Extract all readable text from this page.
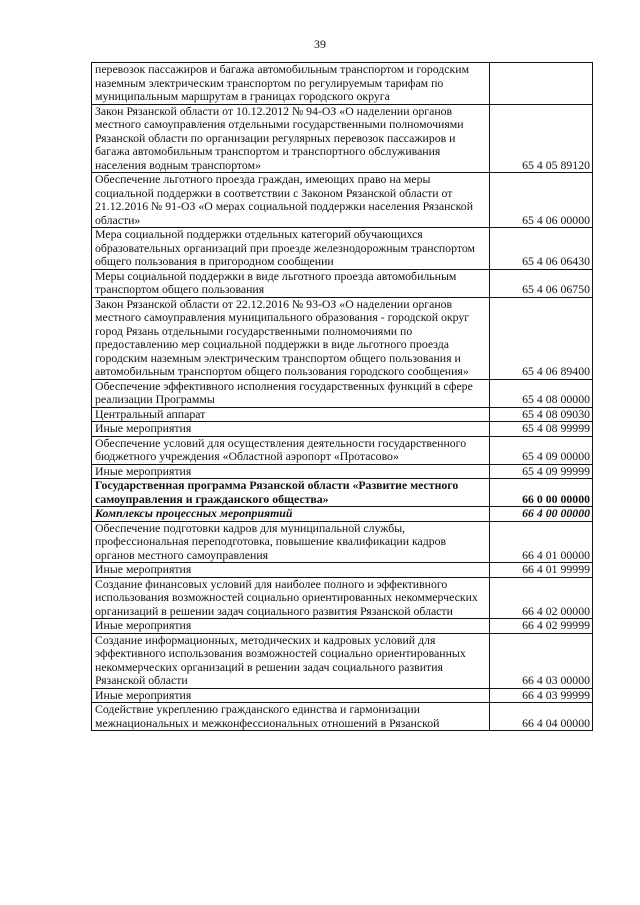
39
перевозок пассажиров и багажа автомобильным транспортом и городским наземным электрическим транспортом по регулируемым тарифам по муниципальным маршрутам в границах городского округа	
Закон Рязанской области от 10.12.2012 № 94-ОЗ «О наделении органов местного самоуправления отдельными государственными полномочиями Рязанской области по организации регулярных перевозок пассажиров и багажа автомобильным транспортом и транспортного обслуживания населения водным транспортом»	65 4 05 89120
Обеспечение льготного проезда граждан, имеющих право на меры социальной поддержки в соответствии с Законом Рязанской области от 21.12.2016 № 91-ОЗ «О мерах социальной поддержки населения Рязанской области»	65 4 06 00000
Мера социальной поддержки отдельных категорий обучающихся образовательных организаций при проезде железнодорожным транспортом общего пользования в пригородном сообщении	65 4 06 06430
Меры социальной поддержки в виде льготного проезда автомобильным транспортом общего пользования	65 4 06 06750
Закон Рязанской области от 22.12.2016 № 93-ОЗ «О наделении органов местного самоуправления муниципального образования - городской округ город Рязань отдельными государственными полномочиями по предоставлению мер социальной поддержки в виде льготного проезда городским наземным электрическим транспортом общего пользования и автомобильным транспортом общего пользования городского сообщения»	65 4 06 89400
Обеспечение эффективного исполнения государственных функций в сфере реализации Программы	65 4 08 00000
Центральный аппарат	65 4 08 09030
Иные мероприятия	65 4 08 99999
Обеспечение условий для осуществления деятельности государственного бюджетного учреждения «Областной аэропорт «Протасово»	65 4 09 00000
Иные мероприятия	65 4 09 99999
Государственная программа Рязанской области «Развитие местного самоуправления и гражданского общества»	66 0 00 00000
Комплексы процессных мероприятий	66 4 00 00000
Обеспечение подготовки кадров для муниципальной службы, профессиональная переподготовка, повышение квалификации кадров органов местного самоуправления	66 4 01 00000
Иные мероприятия	66 4 01 99999
Создание финансовых условий для наиболее полного и эффективного использования возможностей социально ориентированных некоммерческих организаций в решении задач социального развития Рязанской области	66 4 02 00000
Иные мероприятия	66 4 02 99999
Создание информационных, методических и кадровых условий для эффективного использования возможностей социально ориентированных некоммерческих организаций в решении задач социального развития Рязанской области	66 4 03 00000
Иные мероприятия	66 4 03 99999
Содействие укреплению гражданского единства и гармонизации межнациональных и межконфессиональных отношений в Рязанской	66 4 04 00000
